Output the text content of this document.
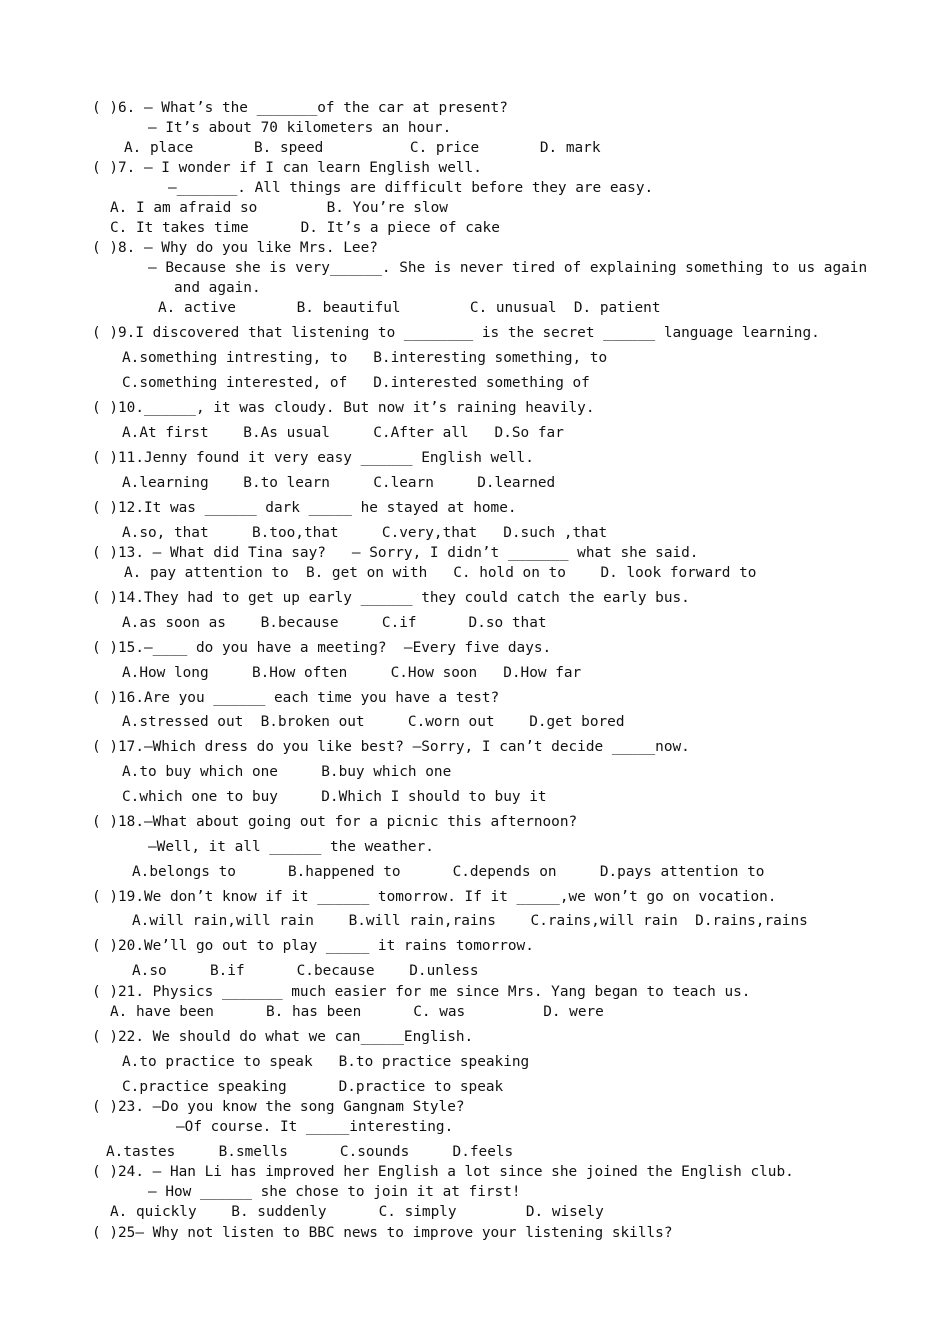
( )6. — What’s the _______of the car at present?
— It’s about 70 kilometers an hour.
A. place       B. speed          C. price       D. mark
( )7. — I wonder if I can learn English well.
—_______. All things are difficult before they are easy.
A. I am afraid so        B. You’re slow
C. It takes time      D. It’s a piece of cake
( )8. — Why do you like Mrs. Lee?
— Because she is very______. She is never tired of explaining something to us again
and again.
A. active       B. beautiful        C. unusual  D. patient
( )9.I discovered that listening to ________ is the secret ______ language learning.
A.something intresting, to   B.interesting something, to
C.something interested, of   D.interested something of
( )10.______, it was cloudy. But now it’s raining heavily.
A.At first    B.As usual     C.After all   D.So far
( )11.Jenny found it very easy ______ English well.
A.learning    B.to learn     C.learn     D.learned
( )12.It was ______ dark _____ he stayed at home.
A.so, that     B.too,that     C.very,that   D.such ,that
( )13. — What did Tina say?   — Sorry, I didn’t _______ what she said.
A. pay attention to  B. get on with   C. hold on to    D. look forward to
( )14.They had to get up early ______ they could catch the early bus.
A.as soon as    B.because     C.if      D.so that
( )15.—____ do you have a meeting?  —Every five days.
A.How long     B.How often     C.How soon   D.How far
( )16.Are you ______ each time you have a test?
A.stressed out  B.broken out     C.worn out    D.get bored
( )17.—Which dress do you like best? —Sorry, I can’t decide _____now.
A.to buy which one     B.buy which one
C.which one to buy     D.Which I should to buy it
( )18.—What about going out for a picnic this afternoon?
—Well, it all ______ the weather.
A.belongs to      B.happened to      C.depends on     D.pays attention to
( )19.We don’t know if it ______ tomorrow. If it _____,we won’t go on vocation.
A.will rain,will rain    B.will rain,rains    C.rains,will rain  D.rains,rains
( )20.We’ll go out to play _____ it rains tomorrow.
A.so     B.if      C.because    D.unless
( )21. Physics _______ much easier for me since Mrs. Yang began to teach us.
A. have been      B. has been      C. was         D. were
( )22. We should do what we can_____English.
A.to practice to speak   B.to practice speaking
C.practice speaking      D.practice to speak
( )23. —Do you know the song Gangnam Style?
—Of course. It _____interesting.
A.tastes     B.smells      C.sounds     D.feels
( )24. — Han Li has improved her English a lot since she joined the English club.
— How ______ she chose to join it at first!
A. quickly    B. suddenly      C. simply        D. wisely
( )25— Why not listen to BBC news to improve your listening skills?
